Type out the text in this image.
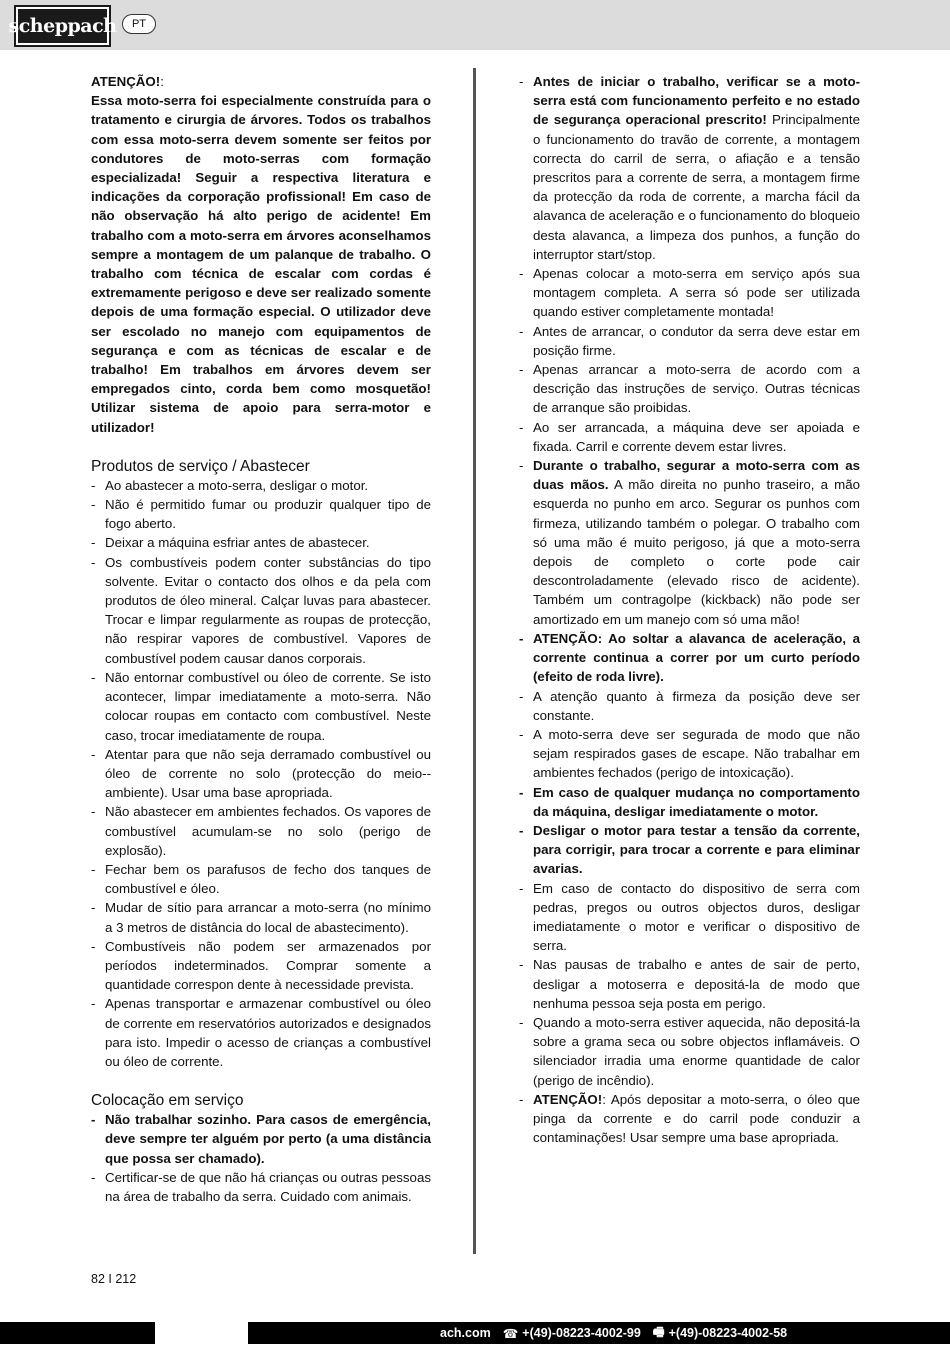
scheppach	PT

ATENÇÃO!:

Essa moto-serra foi especialmente construída para o tratamento e cirurgia de árvores. Todos os trabalhos com essa moto-serra devem somente ser feitos por condutores de moto-serras com formação especializada! Seguir a respectiva literatura e indicações da corporação profissional! Em caso de não observação há alto perigo de acidente! Em trabalho com a moto-serra em árvores aconselhamos sempre a montagem de um palanque de trabalho. O trabalho com técnica de escalar com cordas é extremamente perigoso e deve ser realizado somente depois de uma formação especial. O utilizador deve ser escolado no manejo com equipamentos de segurança e com as técnicas de escalar e de trabalho! Em trabalhos em árvores devem ser empregados cinto, corda bem como mosquetão! Utilizar sistema de apoio para serra-motor e utilizador!

Produtos de serviço / Abastecer
- Ao abastecer a moto-serra, desligar o motor.
- Não é permitido fumar ou produzir qualquer tipo de fogo aberto.
- Deixar a máquina esfriar antes de abastecer.
- Os combustíveis podem conter substâncias do tipo solvente. Evitar o contacto dos olhos e da pela com produtos de óleo mineral. Calçar luvas para abastecer. Trocar e limpar regularmente as roupas de protecção, não respirar vapores de combustível. Vapores de combustível podem causar danos corporais.
- Não entornar combustível ou óleo de corrente. Se isto acontecer, limpar imediatamente a moto-serra. Não colocar roupas em contacto com combustível. Neste caso, trocar imediatamente de roupa.
- Atentar para que não seja derramado combustível ou óleo de corrente no solo (protecção do meio--ambiente). Usar uma base apropriada.
- Não abastecer em ambientes fechados. Os vapores de combustível acumulam-se no solo (perigo de explosão).
- Fechar bem os parafusos de fecho dos tanques de combustível e óleo.
- Mudar de sítio para arrancar a moto-serra (no mínimo a 3 metros de distância do local de abastecimento).
- Combustíveis não podem ser armazenados por períodos indeterminados. Comprar somente a quantidade correspon dente à necessidade prevista.
- Apenas transportar e armazenar combustível ou óleo de corrente em reservatórios autorizados e designados para isto. Impedir o acesso de crianças a combustível ou óleo de corrente.
Colocação em serviço
- Não trabalhar sozinho. Para casos de emergência, deve sempre ter alguém por perto (a uma distância que possa ser chamado).
- Certificar-se de que não há crianças ou outras pessoas na área de trabalho da serra. Cuidado com animais.
- Antes de iniciar o trabalho, verificar se a moto-serra está com funcionamento perfeito e no estado de segurança operacional prescrito! Principalmente o funcionamento do travão de corrente, a montagem correcta do carril de serra, o afiação e a tensão prescritos para a corrente de serra, a montagem firme da protecção da roda de corrente, a marcha fácil da alavanca de aceleração e o funcionamento do bloqueio desta alavanca, a limpeza dos punhos, a função do interruptor start/stop.
- Apenas colocar a moto-serra em serviço após sua montagem completa. A serra só pode ser utilizada quando estiver completamente montada!
- Antes de arrancar, o condutor da serra deve estar em posição firme.
- Apenas arrancar a moto-serra de acordo com a descrição das instruções de serviço. Outras técnicas de arranque são proibidas.
- Ao ser arrancada, a máquina deve ser apoiada e fixada. Carril e corrente devem estar livres.
- Durante o trabalho, segurar a moto-serra com as duas mãos. A mão direita no punho traseiro, a mão esquerda no punho em arco. Segurar os punhos com firmeza, utilizando também o polegar. O trabalho com só uma mão é muito perigoso, já que a moto-serra depois de completo o corte pode cair descontroladamente (elevado risco de acidente). Também um contragolpe (kickback) não pode ser amortizado em um manejo com só uma mão!
- ATENÇÃO: Ao soltar a alavanca de aceleração, a corrente continua a correr por um curto período (efeito de roda livre).
- A atenção quanto à firmeza da posição deve ser constante.
- A moto-serra deve ser segurada de modo que não sejam respirados gases de escape. Não trabalhar em ambientes fechados (perigo de intoxicação).
- Em caso de qualquer mudança no comportamento da máquina, desligar imediatamente o motor.
- Desligar o motor para testar a tensão da corrente, para corrigir, para trocar a corrente e para eliminar avarias.
- Em caso de contacto do dispositivo de serra com pedras, pregos ou outros objectos duros, desligar imediatamente o motor e verificar o dispositivo de serra.
- Nas pausas de trabalho e antes de sair de perto, desligar a motoserra e depositá-la de modo que nenhuma pessoa seja posta em perigo.
- Quando a moto-serra estiver aquecida, não depositá-la sobre a grama seca ou sobre objectos inflamáveis. O silenciador irradia uma enorme quantidade de calor (perigo de incêndio).
- ATENÇÃO!: Após depositar a moto-serra, o óleo que pinga da corrente e do carril pode conduzir a contaminações! Usar sempre uma base apropriada.
82 I 212
ach.com ☎ +(49)-08223-4002-99 🖷 +(49)-08223-4002-58
